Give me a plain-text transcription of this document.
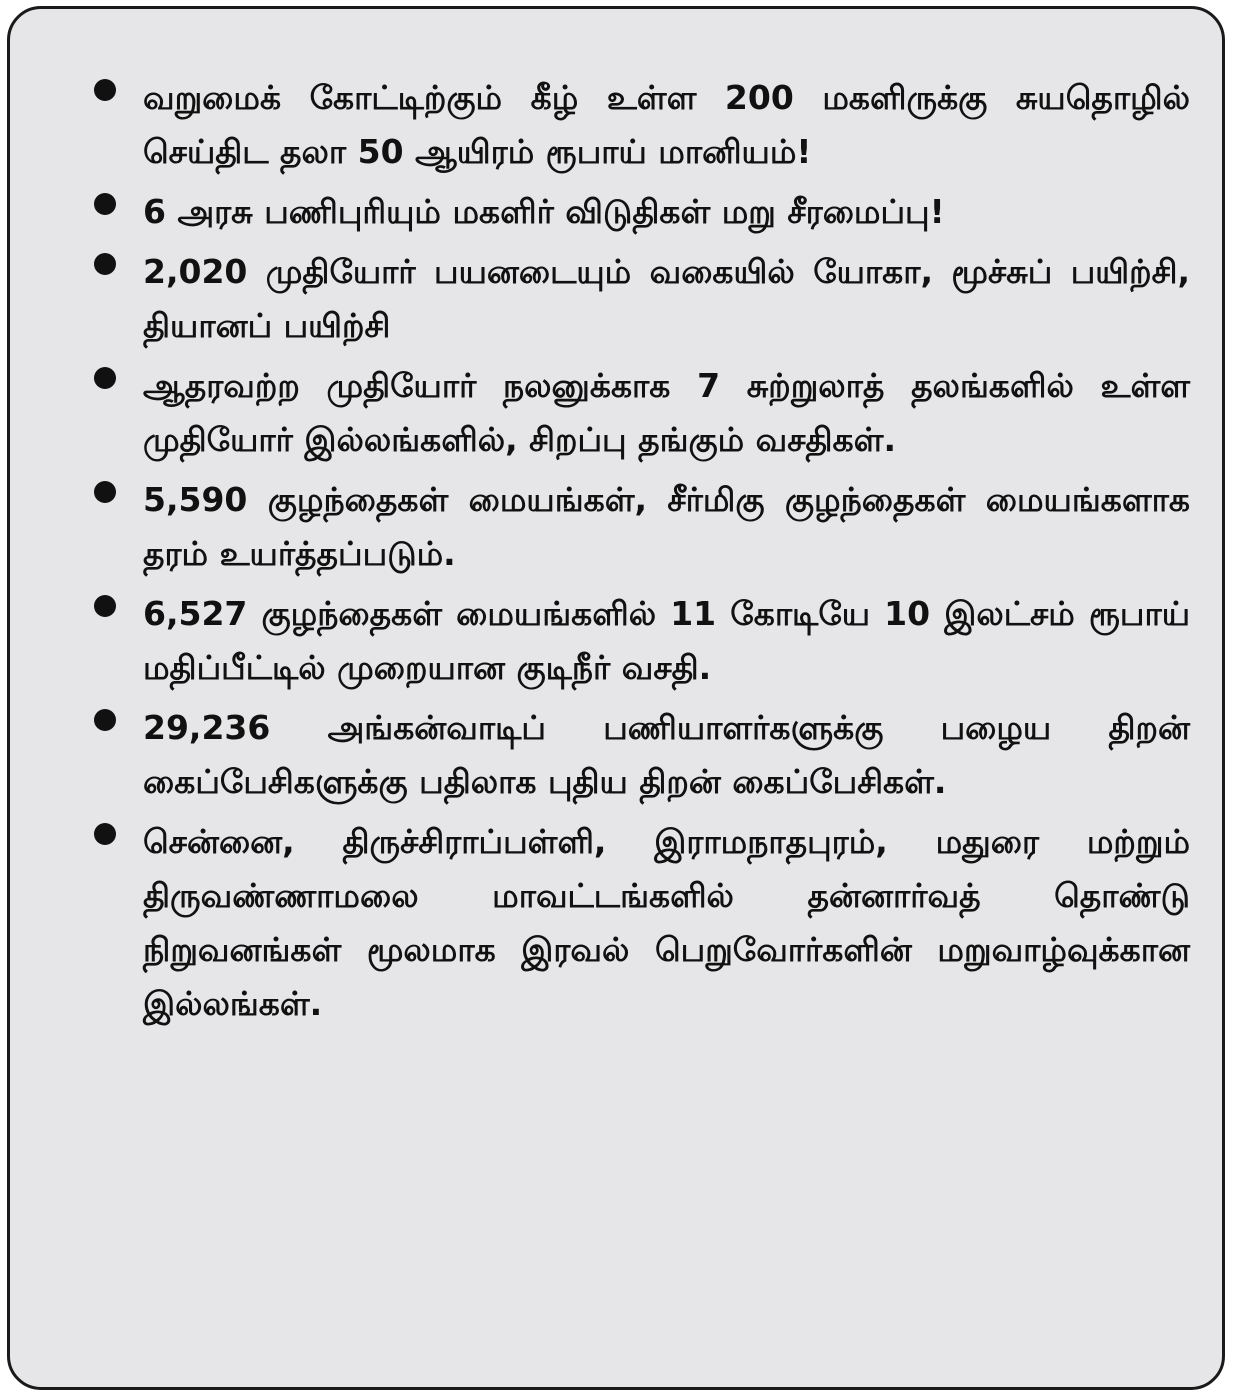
வறுமைக் கோட்டிற்கும் கீழ் உள்ள 200 மகளிருக்கு சுயதொழில் செய்திட தலா 50 ஆயிரம் ரூபாய் மானியம்!
6 அரசு பணிபுரியும் மகளிர் விடுதிகள் மறு சீரமைப்பு!
2,020 முதியோர் பயனடையும் வகையில் யோகா, மூச்சுப் பயிற்சி, தியானப் பயிற்சி
ஆதரவற்ற முதியோர் நலனுக்காக 7 சுற்றுலாத் தலங்களில் உள்ள முதியோர் இல்லங்களில், சிறப்பு தங்கும் வசதிகள்.
5,590 குழந்தைகள் மையங்கள், சீர்மிகு குழந்தைகள் மையங்களாக தரம் உயர்த்தப்படும்.
6,527 குழந்தைகள் மையங்களில் 11 கோடியே 10 இலட்சம் ரூபாய் மதிப்பீட்டில் முறையான குடிநீர் வசதி.
29,236 அங்கன்வாடிப் பணியாளர்களுக்கு பழைய திறன் கைப்பேசிகளுக்கு பதிலாக புதிய திறன் கைப்பேசிகள்.
சென்னை, திருச்சிராப்பள்ளி, இராமநாதபுரம், மதுரை மற்றும் திருவண்ணாமலை மாவட்டங்களில் தன்னார்வத் தொண்டு நிறுவனங்கள் மூலமாக இரவல் பெறுவோர்களின் மறுவாழ்வுக்கான இல்லங்கள்.
